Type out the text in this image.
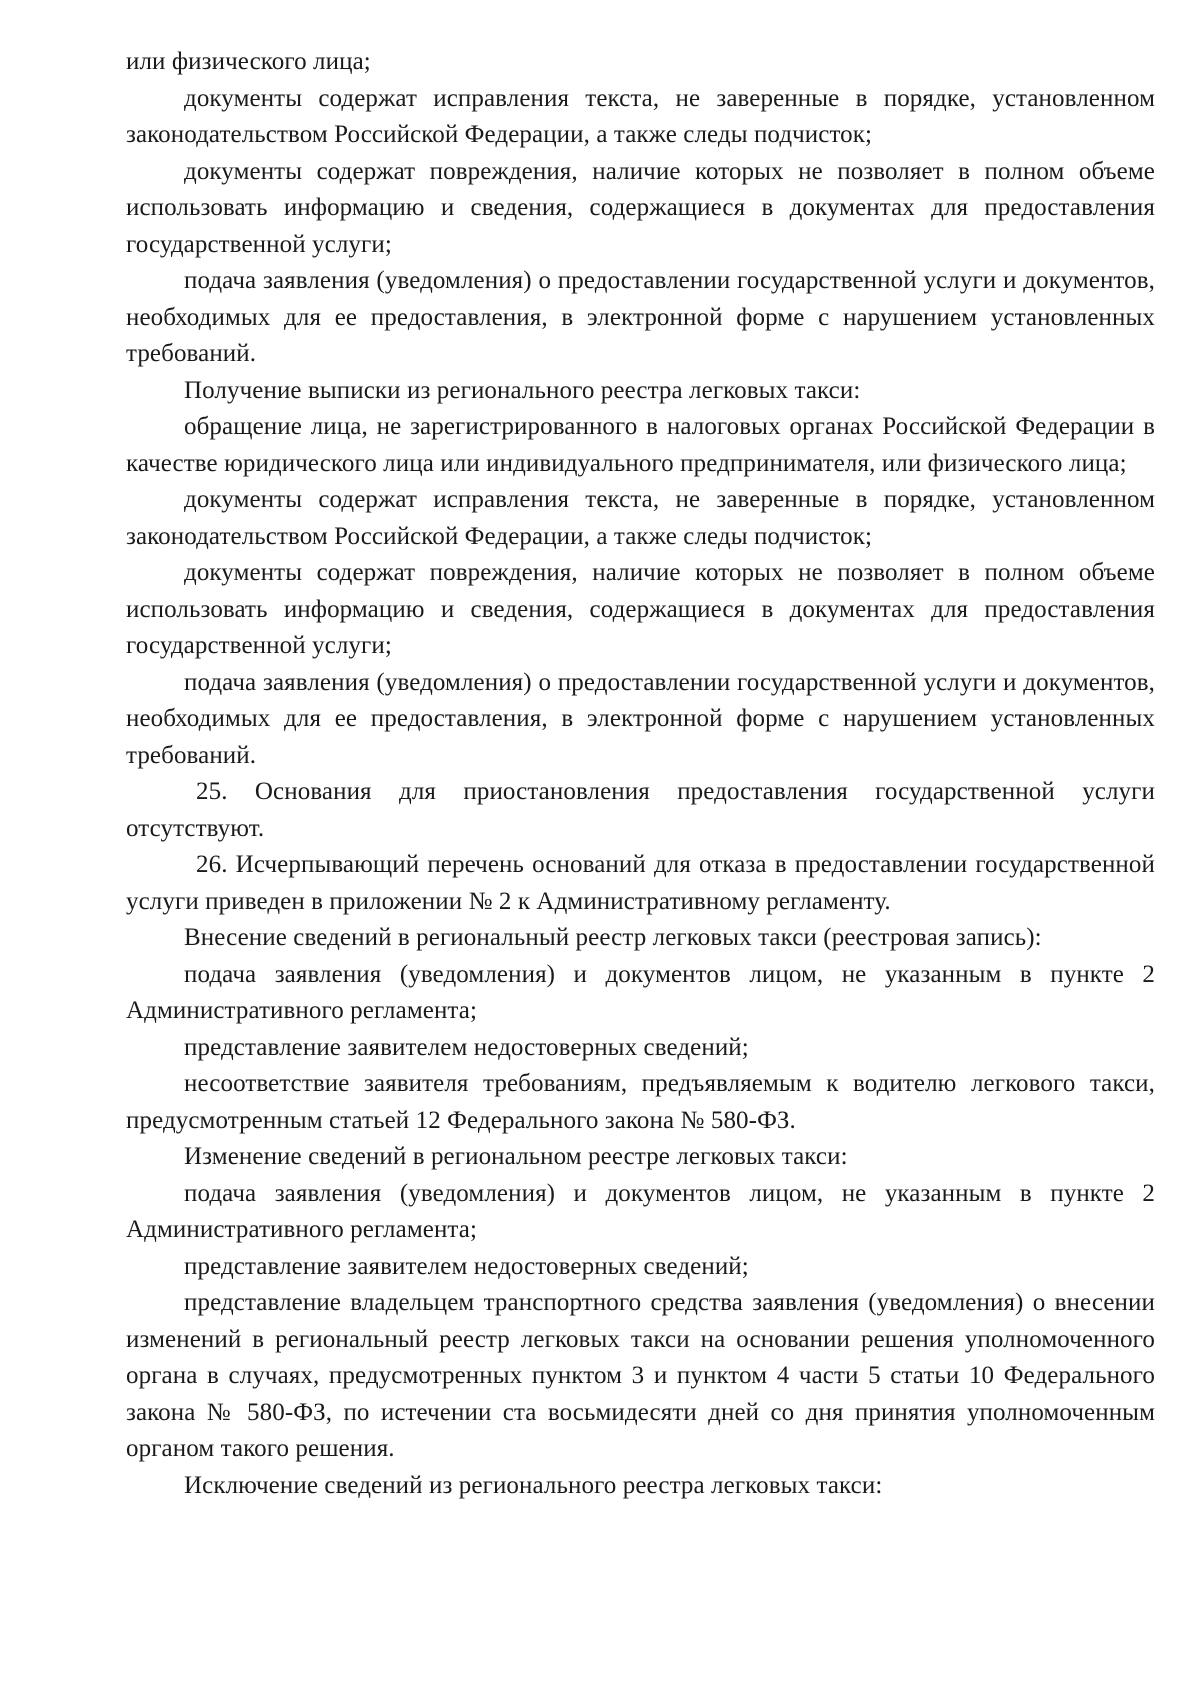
или физического лица;

документы содержат исправления текста, не заверенные в порядке, установленном законодательством Российской Федерации, а также следы подчисток;

документы содержат повреждения, наличие которых не позволяет в полном объеме использовать информацию и сведения, содержащиеся в документах для предоставления государственной услуги;

подача заявления (уведомления) о предоставлении государственной услуги и документов, необходимых для ее предоставления, в электронной форме с нарушением установленных требований.

Получение выписки из регионального реестра легковых такси:

обращение лица, не зарегистрированного в налоговых органах Российской Федерации в качестве юридического лица или индивидуального предпринимателя, или физического лица;

документы содержат исправления текста, не заверенные в порядке, установленном законодательством Российской Федерации, а также следы подчисток;

документы содержат повреждения, наличие которых не позволяет в полном объеме использовать информацию и сведения, содержащиеся в документах для предоставления государственной услуги;

подача заявления (уведомления) о предоставлении государственной услуги и документов, необходимых для ее предоставления, в электронной форме с нарушением установленных требований.

25. Основания для приостановления предоставления государственной услуги отсутствуют.

26. Исчерпывающий перечень оснований для отказа в предоставлении государственной услуги приведен в приложении № 2 к Административному регламенту.

Внесение сведений в региональный реестр легковых такси (реестровая запись):

подача заявления (уведомления) и документов лицом, не указанным в пункте 2 Административного регламента;

представление заявителем недостоверных сведений;

несоответствие заявителя требованиям, предъявляемым к водителю легкового такси, предусмотренным статьей 12 Федерального закона № 580-ФЗ.

Изменение сведений в региональном реестре легковых такси:

подача заявления (уведомления) и документов лицом, не указанным в пункте 2 Административного регламента;

представление заявителем недостоверных сведений;

представление владельцем транспортного средства заявления (уведомления) о внесении изменений в региональный реестр легковых такси на основании решения уполномоченного органа в случаях, предусмотренных пунктом 3 и пунктом 4 части 5 статьи 10 Федерального закона № 580-ФЗ, по истечении ста восьмидесяти дней со дня принятия уполномоченным органом такого решения.

Исключение сведений из регионального реестра легковых такси:
